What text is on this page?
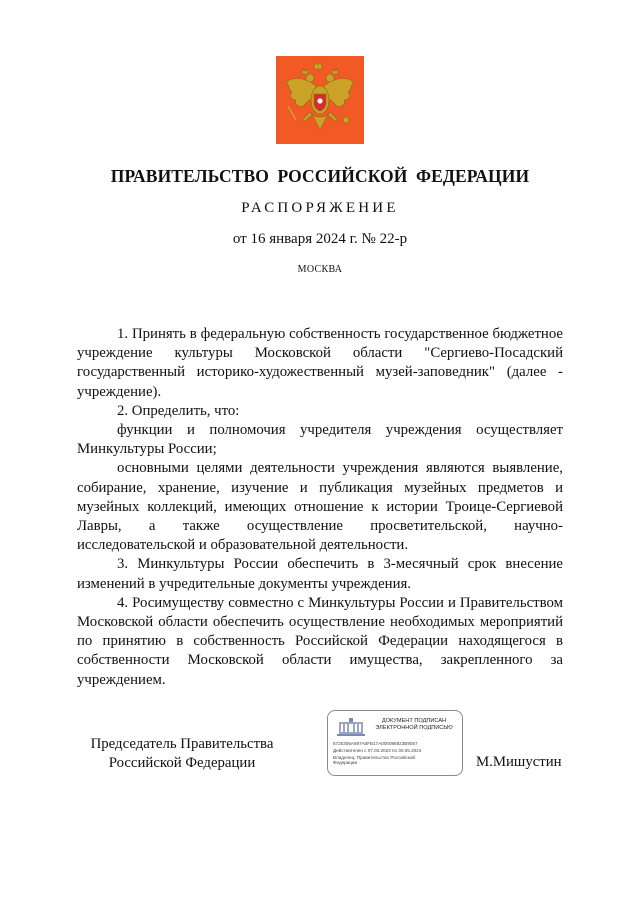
ПРАВИТЕЛЬСТВО РОССИЙСКОЙ ФЕДЕРАЦИИ
РАСПОРЯЖЕНИЕ
от 16 января 2024 г. № 22-р
МОСКВА

1. Принять в федеральную собственность государственное бюджетное учреждение культуры Московской области "Сергиево-Посадский государственный историко-художественный музей-заповедник" (далее - учреждение).

2. Определить, что:

функции и полномочия учредителя учреждения осуществляет Минкультуры России;

основными целями деятельности учреждения являются выявление, собирание, хранение, изучение и публикация музейных предметов и музейных коллекций, имеющих отношение к истории Троице-Сергиевой Лавры, а также осуществление просветительской, научно-исследовательской и образовательной деятельности.

3. Минкультуры России обеспечить в 3-месячный срок внесение изменений в учредительные документы учреждения.

4. Росимуществу совместно с Минкультуры России и Правительством Московской области обеспечить осуществление необходимых мероприятий по принятию в собственность Российской Федерации находящегося в собственности Московской области имущества, закрепленного за учреждением.

Председатель Правительства
Российской Федерации
ДОКУМЕНТ ПОДПИСАН
ЭЛЕКТРОННОЙ ПОДПИСЬЮ
5725305A697A0FB17A000086823B9057
Действителен с 07.03.2023 по 30.05.2024
Владелец: Правительство Российской
Федерации	М.Мишустин
